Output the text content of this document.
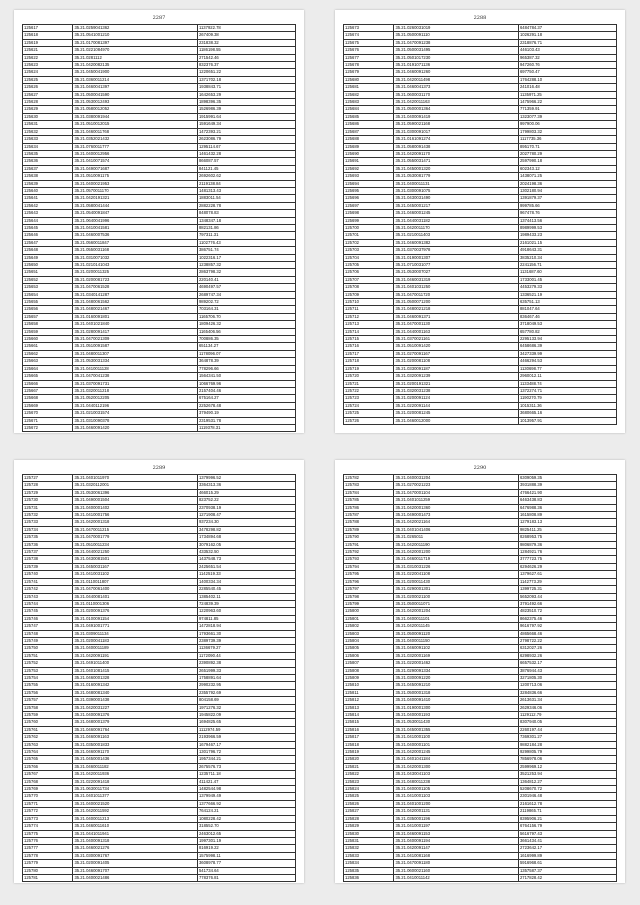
2287
125617	35.21.0259041362	1137922.78
125618	35.21.0541001210	267409.38
125619	35.21.0170081397	231838.32
125621	35.21.0221084970	1186198.55
125622	35.21.0281112	271542.46
125623	35.21.0420082135	832376.37
125624	35.21.0450041900	1220651.22
125625	35.21.0360011214	1371702.18
125626	35.21.0460041397	1938843.71
125627	35.21.0500041590	1642653.29
125628	35.21.0530012493	1898396.35
125629	35.21.0580012052	1526986.39
125630	35.21.0380091944	1915991.64
125631	35.21.0510012015	1591649.34
125632	35.21.0460011768	1472393.21
125633	35.21.0352021432	2623086.79
125634	35.21.0760011777	1295114.67
125635	35.21.0400012956	1461432.28
125636	35.21.0410071574	866087.57
125637	35.21.0490071687	841121.45
125638	35.21.0510091175	2692602.62
125639	35.21.0400021953	2119138.84
125640	35.21.0570011170	1481313.43
125641	35.21.0420191321	1883011.54
125642	35.21.0580041444	2882228.78
125643	35.21.0540091847	848078.83
125644	35.21.0640041996	1348347.18
125645	35.21.0410041581	882131.86
125646	35.21.0460007536	797311.31
125647	35.21.0560011847	1102776.43
125648	35.21.0550031168	386751.74
125649	35.21.0310071032	1022316.17
125650	35.21.0210141043	1238857.32
125651	35.21.0200011325	2863798.32
125652	35.21.0200081723	220140.41
125653	35.21.0470061528	4690497.57
125654	35.21.0340141287	2689747.34
125655	35.21.0480061562	989202.72
125656	35.21.0480021467	703164.31
125657	35.21.0160091801	1165706.70
125658	35.21.0401021840	1809426.32
125659	35.21.0280091417	1165406.56
125660	35.21.0470021309	700886.35
125661	35.21.0510091587	651134.27
125662	35.21.0480011307	1178096.07
125663	35.21.0530031334	364878.39
125664	35.21.0410011128	778296.66
125665	35.21.0470041238	1564341.50
125666	35.21.0370091731	1066769.96
125667	35.21.0320011218	2157404.46
125668	35.21.0520012205	675164.27
125669	35.21.0440112196	2252678.48
125670	35.21.0210031574	379490.19
125671	35.21.0310090378	2319531.78
125672	35.21.0460091420	1119378.31
2288
125673	35.21.0260031019	6484784.37
125674	35.21.0500091110	1026291.18
125675	35.21.0470091238	2318876.71
125676	35.21.0500031495	446103.43
125677	35.21.0501017230	965387.32
125678	35.21.0191071136	947260.76
125679	35.21.0460091260	697750.47
125680	35.21.0420011498	1764288.10
125681	35.21.0460041373	241016.48
125682	35.21.0600031170	1135971.25
125683	35.21.0420011163	1475966.22
125684	35.21.0500001364	771359.91
125685	35.21.0400091419	1323077.39
125686	35.21.0590021168	997900.06
125687	35.21.0300091017	1799803.32
125688	35.21.0161091274	1117735.36
125689	35.21.0580091438	895170.71
125690	35.21.0420091170	2027780.29
125691	35.21.0550031471	2597990.18
125692	35.21.0450001320	602343.12
125693	35.21.0530081779	1438071.25
125694	35.21.0400011131	2024198.36
125695	35.21.0300091075	1302180.94
125696	35.21.0430031490	1391879.37
125697	35.21.0450001217	999785.66
125698	35.21.0460001245	967478.76
125699	35.21.0440031182	1374413.56
125700	35.21.0420011170	8989999.53
125701	35.21.0210011403	1989433.23
125702	35.21.0460091382	2161021.15
125703	35.21.0370037978	4918643.31
125704	35.21.0190001307	3835210.34
125705	35.21.0710031077	2241156.71
125706	35.21.0530007027	1131687.60
125707	35.21.0460031319	1733001.45
125708	35.21.0401031250	4453279.33
125709	35.21.0470011720	1336521.19
125710	35.21.0500071200	635751.13
125711	35.21.0480021218	881047.64
125712	35.21.0460091371	836467.46
125713	35.21.0470001130	3718049.53
125714	35.21.0440001163	657780.82
125715	35.21.0370021161	2295133.94
125716	35.21.0510091420	6458686.39
125717	35.21.0270091167	3427339.99
125718	35.21.0200081108	4466294.53
125719	35.21.0330091187	1130698.77
125720	35.21.0320091239	2960012.11
125721	35.21.0200191321	1133488.74
125722	35.21.0320031238	1372274.71
125723	35.21.0200091124	1190270.79
125724	35.21.0220091144	1015311.36
125725	35.21.0200081245	3680665.16
125726	35.21.0460012000	1013957.91
2289
125727	35.21.0401011970	1379996.52
125728	35.21.0320112001	3364313.36
125729	35.21.0530061396	466015.29
125730	35.21.0490001504	823752.22
125731	35.21.0400001402	2370938.19
125732	35.21.0410001756	1271908.47
125733	35.21.0420001318	937234.30
125734	35.21.0470011215	3478298.82
125735	35.21.0470001779	1734894.68
125736	35.21.0510011234	3079162.05
125737	35.21.0440021250	433532.50
125738	35.21.0430081501	1437548.73
125739	35.21.0450031167	2425651.54
125740	35.21.0410031102	1142519.33
125741	35.21.0110011807	1400334.34
125742	35.21.0470061400	2285540.45
125743	35.21.0440081401	1385402.11
125744	35.21.0110001306	724839.39
125745	35.21.0200091376	1220963.60
125746	35.21.0100091154	974811.85
125747	35.21.0491001771	1472818.94
125748	35.21.0309011134	1793661.30
125749	35.21.0200041183	2389739.39
125750	35.21.0400011189	1136679.27
125751	35.21.0420091191	1172090.44
125752	35.21.0491011400	2390892.38
125753	35.21.0401081415	2651999.33
125754	35.21.0460001328	1758891.64
125755	35.21.0160091342	2990232.95
125756	35.21.0480081340	2355792.69
125757	35.21.0390001438	804158.69
125758	35.21.0420031227	1971276.32
125759	35.21.0400091376	1945822.09
125760	35.21.0480001379	1694825.65
125761	35.21.0460091764	1112974.59
125762	35.21.0460091163	2193966.59
125763	35.21.0350001833	1679467.17
125764	35.21.0460091170	1301796.72
125765	35.21.0450001436	1957344.21
125766	35.21.0460011182	2675576.73
125767	35.21.0420011936	1235711.18
125768	35.21.0220091418	411421.47
125769	35.21.0630011734	1482544.98
125770	35.21.0401011377	1379949.49
125771	35.21.0400021520	1377666.92
125772	35.21.0420011592	764124.21
125773	35.21.0400011213	1080228.42
125774	35.21.0460011610	318552.70
125775	35.21.0441011941	2463012.65
125776	35.21.0400091318	1997301.19
125777	35.21.0460021276	816919.22
125778	35.21.0300091767	1575998.11
125779	35.21.0200091405	3608978.77
125780	35.21.0460091707	541734.64
125781	35.21.0400021486	778376.81
2290
125782	35.21.0400031204	6309059.35
125783	35.21.0270021223	3931888.39
125784	35.21.0470001104	4766421.90
125785	35.21.0401011259	6463438.83
125786	35.21.0420001360	6476988.36
125787	35.21.0490001473	1615808.89
125788	35.21.0420021164	1279183.13
125789	35.21.0401041406	9825411.25
125790	35.21.0265011	8268953.75
125791	35.21.0420011190	9806879.36
125792	35.21.0420001200	1284921.76
125793	35.21.0460011719	3777723.75
125794	35.21.0310031226	6294626.29
125795	35.21.0220041108	1379627.61
125796	35.21.0200011430	1142773.29
125797	35.21.0290001301	1399725.31
125798	35.21.0200021100	5652093.44
125799	35.21.0500011071	3791492.66
125800	35.21.0420001204	4823510.72
125801	35.21.0400011101	8662375.46
125802	35.21.0420011145	9616797.92
125803	35.21.0500091120	4865668.46
125804	35.21.0400011150	2798722.22
125805	35.21.0460091102	6312027.26
125806	35.21.0320001169	6298932.26
125807	35.21.0220001462	6657532.17
125808	35.21.0290091334	3876944.43
125809	35.21.0300091220	3271805.30
125810	35.21.0450091210	1200713.06
125811	35.21.0500001318	3284836.66
125812	35.21.0400091410	2613631.34
125813	35.21.0190001300	2629346.06
125814	35.21.0400001193	1129112.79
125815	35.21.0530011430	8307940.05
125816	35.21.0450001355	2260197.44
125817	35.21.0410001100	7369301.27
125818	35.21.0400001101	9882184.28
125819	35.21.0420001245	9299805.79
125820	35.21.0401041184	7856978.06
125821	35.21.0420001300	2599969.12
125822	35.21.0430041103	3521253.94
125823	35.21.0480011238	1364812.27
125824	35.21.0400001105	5208670.72
125825	35.21.0410001103	2301946.48
125826	35.21.0401001200	2161612.78
125827	35.21.0420001131	2119865.71
125828	35.21.0350001196	8395906.21
125829	35.21.0410001197	6764156.79
125830	35.21.0460091153	5616797.43
125831	35.21.0400091194	3661434.41
125832	35.21.0420091147	2723642.17
125833	35.21.0410081168	1616999.89
125834	35.21.0470091180	5916968.61
125835	35.21.0600021160	1357587.37
125836	35.21.0410011142	2717828.42
